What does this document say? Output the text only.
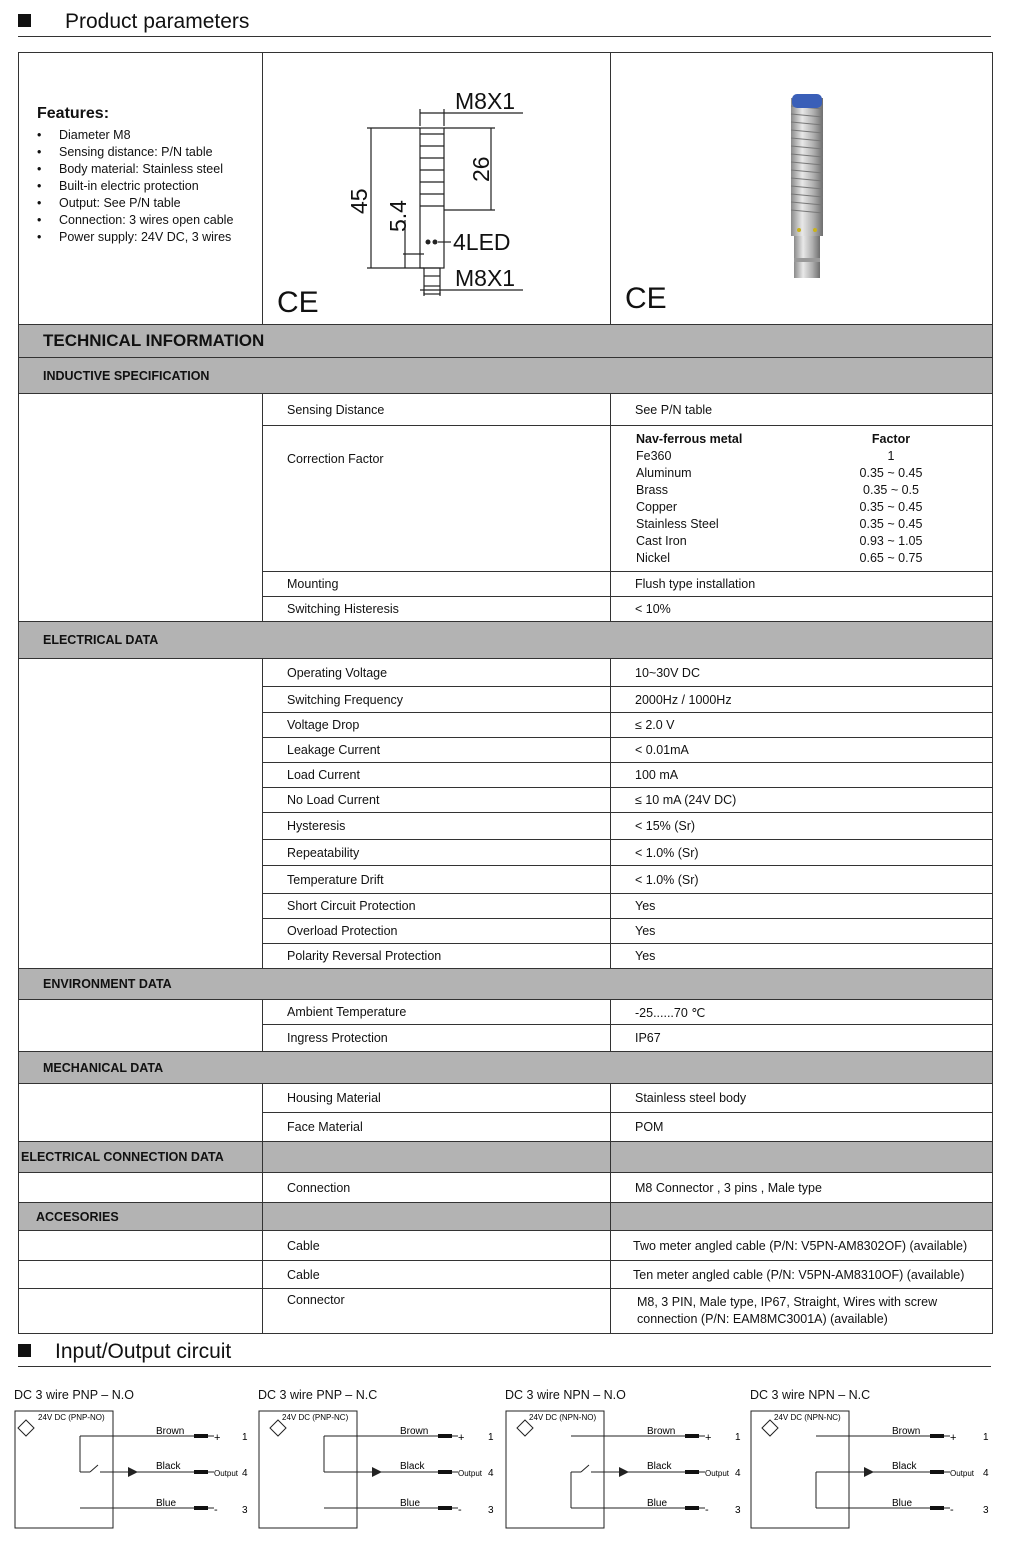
Product parameters
Features:
• Diameter M8
• Sensing distance: P/N table
• Body material: Stainless steel
• Built-in electric protection
• Output: See P/N table
• Connection: 3 wires open cable
• Power supply: 24V DC, 3 wires

M8X1
4LED
M8X1
45 5.4
26
CE	CE

TECHNICAL INFORMATION
INDUCTIVE SPECIFICATION
	Sensing Distance	See P/N table
Correction Factor	
Nav-ferrous metal	Factor
Fe360	1
Aluminum	0.35 ~ 0.45
Brass	0.35 ~ 0.5
Copper	0.35 ~ 0.45
Stainless Steel	0.35 ~ 0.45
Cast Iron	0.93 ~ 1.05
Nickel	0.65 ~ 0.75

Mounting	Flush type installation
Switching Histeresis	< 10%
ELECTRICAL DATA
	Operating Voltage	10~30V DC
Switching Frequency	2000Hz / 1000Hz
Voltage Drop	≤ 2.0 V
Leakage Current	< 0.01mA
Load Current	100 mA
No Load Current	≤ 10 mA (24V DC)
Hysteresis	< 15% (Sr)
Repeatability	< 1.0% (Sr)
Temperature Drift	< 1.0% (Sr)
Short Circuit Protection	Yes
Overload Protection	Yes
Polarity Reversal Protection	Yes
ENVIRONMENT DATA
	Ambient Temperature	-25......70 ℃
Ingress Protection	IP67
MECHANICAL DATA
	Housing Material	Stainless steel body
Face Material	POM
ELECTRICAL CONNECTION DATA		
	Connection	M8 Connector , 3 pins , Male type
ACCESORIES		
	Cable	Two meter angled cable (P/N: V5PN-AM8302OF) (available)
	Cable	Ten meter angled cable (P/N: V5PN-AM8310OF) (available)
	Connector	M8, 3 PIN, Male type, IP67, Straight, Wires with screw connection (P/N: EAM8MC3001A) (available)
Input/Output circuit
DC 3 wire PNP – N.O	DC 3 wire PNP – N.C	DC 3 wire NPN – N.O	DC 3 wire NPN – N.C
24V DC (PNP-NO)
Brown
Black
Blue
+
Output
-
1
4
3
24V DC (PNP-NC)
Brown
Black
Blue
+
Output
-
1
4
3
24V DC (NPN-NO)
Brown
Black
Blue
+
Output
-
1
4
3
24V DC (NPN-NC)
Brown
Black
Blue
+
Output
-
1
4
3
